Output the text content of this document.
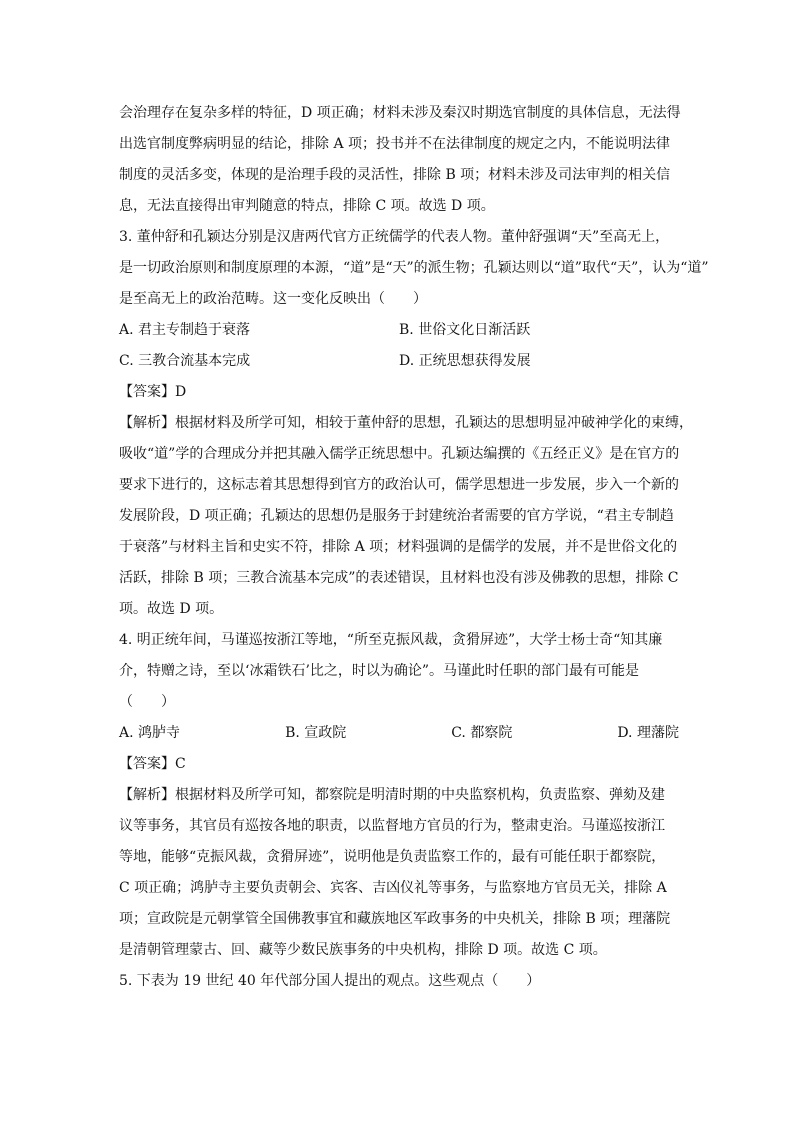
会治理存在复杂多样的特征，D 项正确；材料未涉及秦汉时期选官制度的具体信息，无法得
出选官制度弊病明显的结论，排除 A 项；投书并不在法律制度的规定之内，不能说明法律
制度的灵活多变，体现的是治理手段的灵活性，排除 B 项；材料未涉及司法审判的相关信
息，无法直接得出审判随意的特点，排除 C 项。故选 D 项。
3. 董仲舒和孔颖达分别是汉唐两代官方正统儒学的代表人物。董仲舒强调“天”至高无上，
是一切政治原则和制度原理的本源，“道”是“天”的派生物；孔颖达则以“道”取代“天”，认为“道”
是至高无上的政治范畴。这一变化反映出（　　）
A. 君主专制趋于衰落	B. 世俗文化日渐活跃
C. 三教合流基本完成	D. 正统思想获得发展
【答案】D
【解析】根据材料及所学可知，相较于董仲舒的思想，孔颖达的思想明显冲破神学化的束缚，
吸收“道”学的合理成分并把其融入儒学正统思想中。孔颖达编撰的《五经正义》是在官方的
要求下进行的，这标志着其思想得到官方的政治认可，儒学思想进一步发展，步入一个新的
发展阶段，D 项正确；孔颖达的思想仍是服务于封建统治者需要的官方学说，“君主专制趋
于衰落”与材料主旨和史实不符，排除 A 项；材料强调的是儒学的发展，并不是世俗文化的
活跃，排除 B 项；三教合流基本完成”的表述错误，且材料也没有涉及佛教的思想，排除 C
项。故选 D 项。
4. 明正统年间，马谨巡按浙江等地，“所至克振风裁，贪猾屏迹”，大学士杨士奇“知其廉
介，特赠之诗，至以‘冰霜铁石’比之，时以为确论”。马谨此时任职的部门最有可能是
（　　）
A. 鸿胪寺	B. 宣政院	C. 都察院	D. 理藩院
【答案】C
【解析】根据材料及所学可知，都察院是明清时期的中央监察机构，负责监察、弹劾及建
议等事务，其官员有巡按各地的职责，以监督地方官员的行为，整肃吏治。马谨巡按浙江
等地，能够“克振风裁，贪猾屏迹”，说明他是负责监察工作的，最有可能任职于都察院，
C 项正确；鸿胪寺主要负责朝会、宾客、吉凶仪礼等事务，与监察地方官员无关，排除 A
项；宣政院是元朝掌管全国佛教事宜和藏族地区军政事务的中央机关，排除 B 项；理藩院
是清朝管理蒙古、回、藏等少数民族事务的中央机构，排除 D 项。故选 C 项。
5. 下表为 19 世纪 40 年代部分国人提出的观点。这些观点（　　）
